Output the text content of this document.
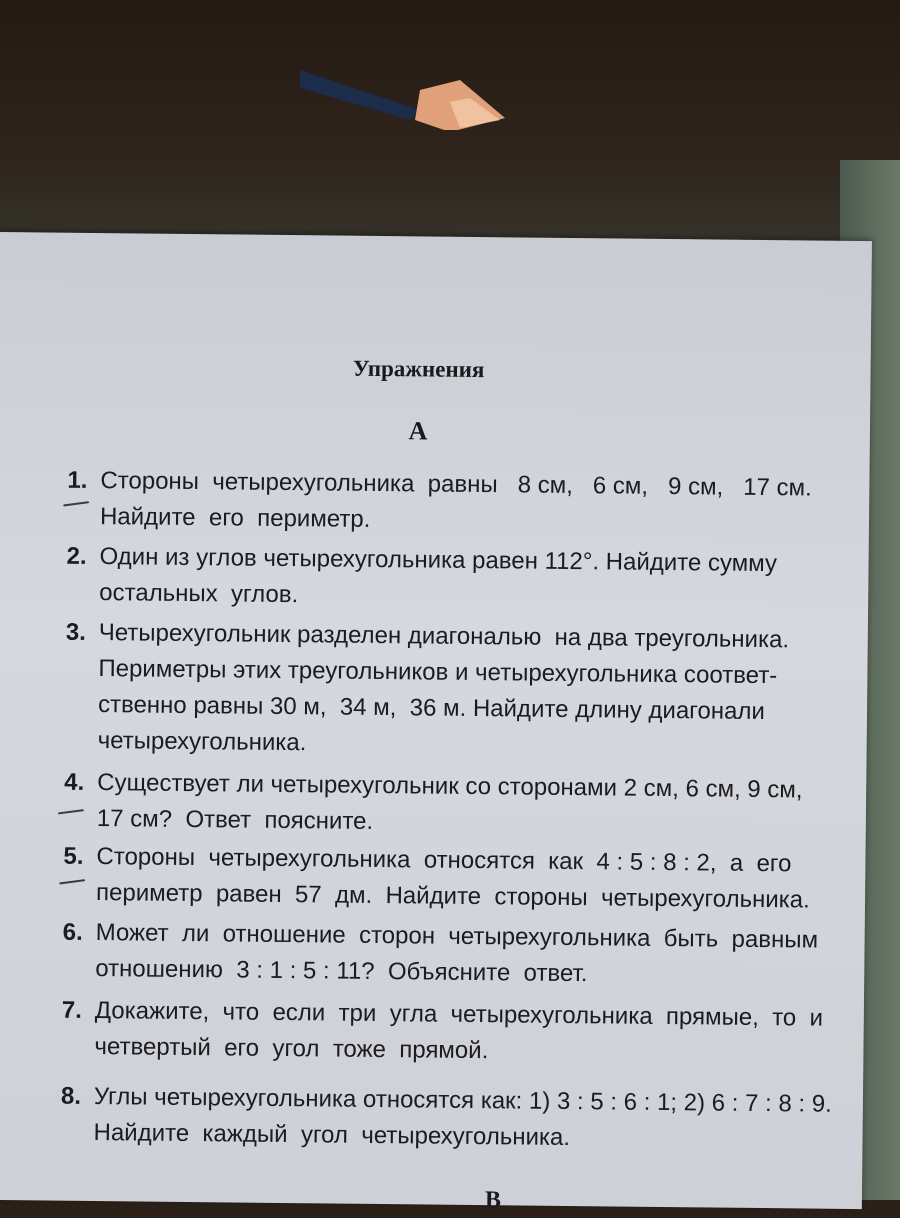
Упражнения
A
1. Стороны  четырехугольника  равны   8 см,   6 см,   9 см,   17 см.
Найдите  его  периметр.
2. Один из углов четырехугольника равен 112°. Найдите сумму
остальных  углов.
3. Четырехугольник разделен диагональю  на два треугольника.
Периметры этих треугольников и четырехугольника соответ-
ственно равны 30 м,  34 м,  36 м. Найдите длину диагонали
четырехугольника.
4. Существует ли четырехугольник со сторонами 2 см, 6 см, 9 см,
17 см?  Ответ  поясните.
5. Стороны  четырехугольника  относятся  как  4 : 5 : 8 : 2,  а  его
периметр  равен  57  дм.  Найдите  стороны  четырехугольника.
6. Может  ли  отношение  сторон  четырехугольника  быть  равным
отношению  3 : 1 : 5 : 11?  Объясните  ответ.
7. Докажите,  что  если  три  угла  четырехугольника  прямые,  то  и
четвертый  его  угол  тоже  прямой.
8. Углы четырехугольника относятся как: 1) 3 : 5 : 6 : 1; 2) 6 : 7 : 8 : 9.
Найдите  каждый  угол  четырехугольника.
B
